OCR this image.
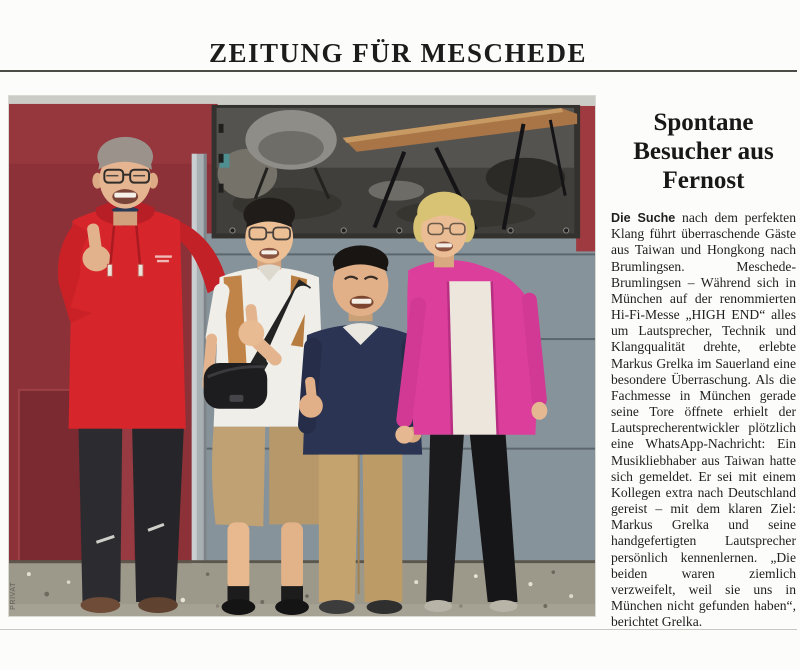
ZEITUNG FÜR MESCHEDE
PRIVAT
Spontane Besucher aus Fernost

Die Suche nach dem perfekten Klang führt überraschende Gäste aus Taiwan und Hongkong nach Brumlingsen. Meschede-Brumlingsen – Während sich in München auf der renommierten Hi-Fi-Messe „HIGH END“ alles um Lautsprecher, Technik und Klangqualität drehte, erlebte Markus Grelka im Sauerland eine besondere Überraschung. Als die Fachmesse in München gerade seine Tore öffnete erhielt der Lautsprecherentwickler plötzlich eine WhatsApp-Nachricht: Ein Musikliebhaber aus Taiwan hatte sich gemeldet. Er sei mit einem Kollegen extra nach Deutschland gereist – mit dem klaren Ziel: Markus Grelka und seine handgefertigten Lautsprecher persönlich kennenlernen. „Die beiden waren ziemlich verzweifelt, weil sie uns in München nicht gefunden haben“, berichtet Grelka.
